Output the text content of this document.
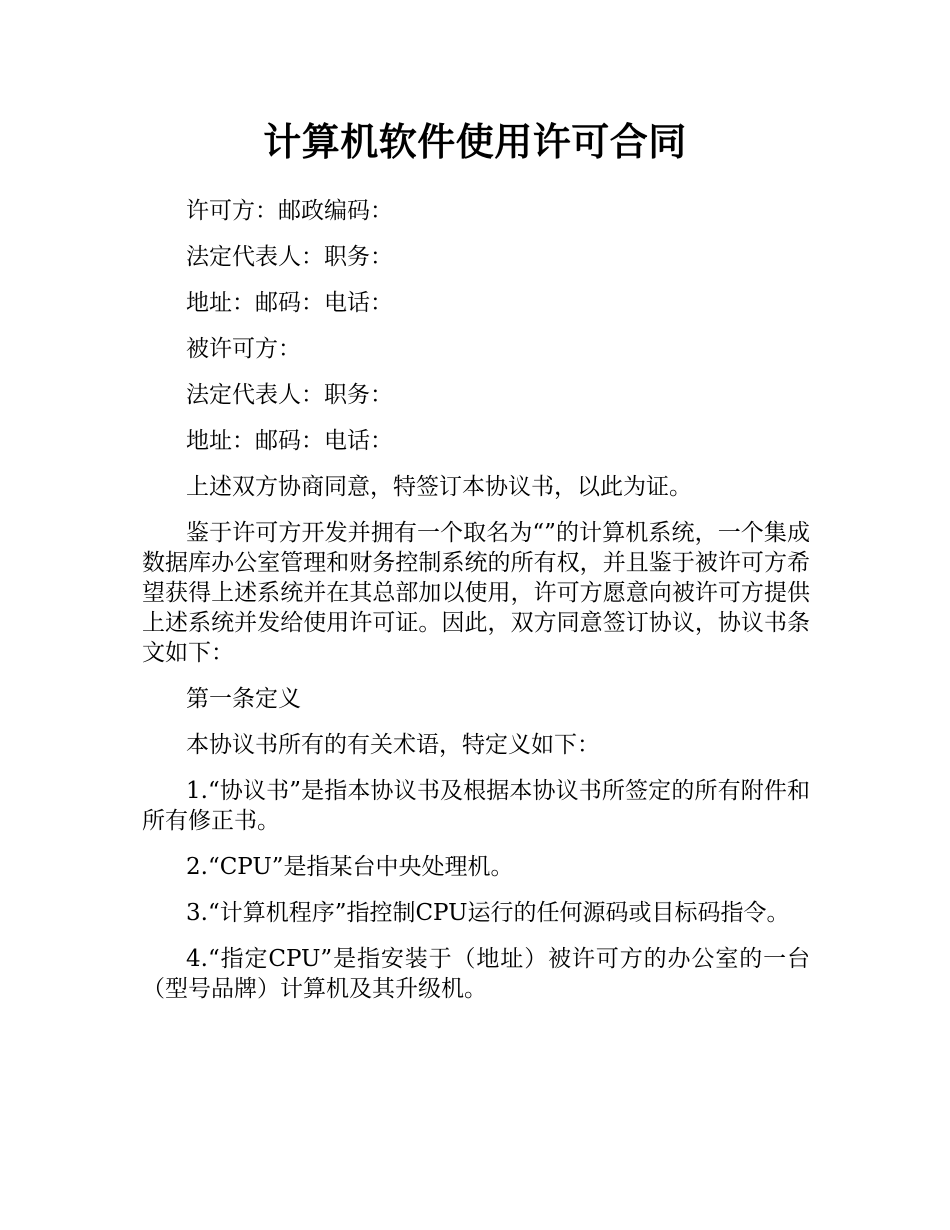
计算机软件使用许可合同

许可方：邮政编码：

法定代表人：职务：

地址：邮码：电话：

被许可方：

法定代表人：职务：

地址：邮码：电话：

上述双方协商同意，特签订本协议书，以此为证。

鉴于许可方开发并拥有一个取名为“”的计算机系统，一个集成数据库办公室管理和财务控制系统的所有权，并且鉴于被许可方希望获得上述系统并在其总部加以使用，许可方愿意向被许可方提供上述系统并发给使用许可证。因此，双方同意签订协议，协议书条文如下：

第一条定义

本协议书所有的有关术语，特定义如下：

1.“协议书”是指本协议书及根据本协议书所签定的所有附件和所有修正书。

2.“CPU”是指某台中央处理机。

3.“计算机程序”指控制CPU运行的任何源码或目标码指令。

4.“指定CPU”是指安装于（地址）被许可方的办公室的一台（型号品牌）计算机及其升级机。
